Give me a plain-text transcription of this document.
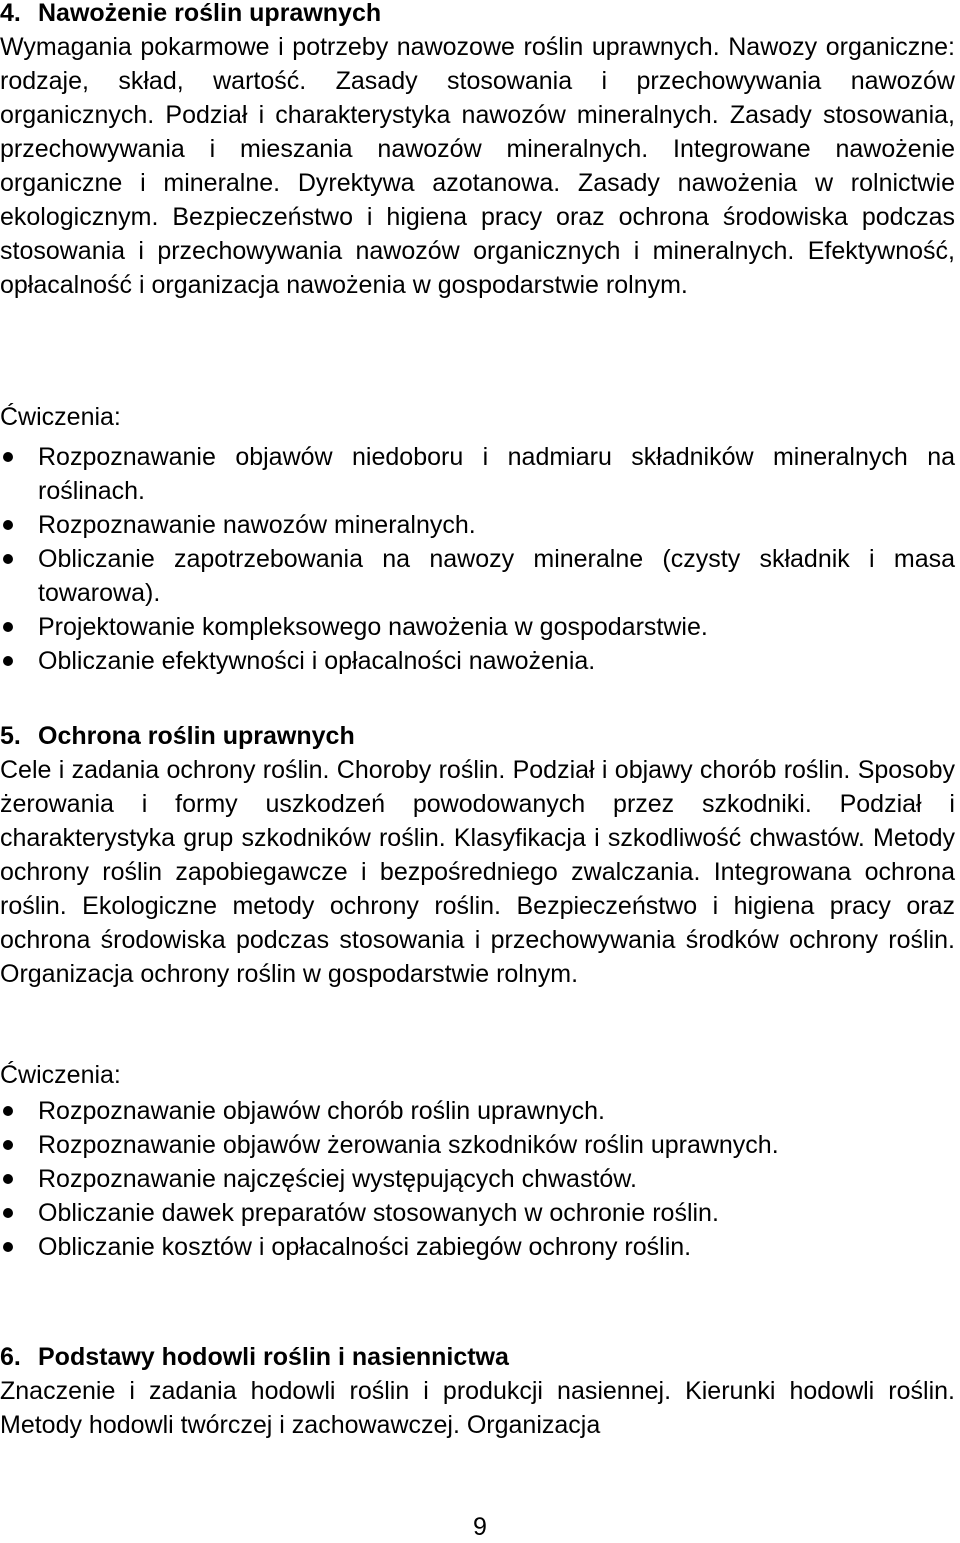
4. Nawożenie roślin uprawnych
Wymagania pokarmowe i potrzeby nawozowe roślin uprawnych. Nawozy organiczne: rodzaje, skład, wartość. Zasady stosowania i przechowywania nawozów organicznych. Podział i charakterystyka nawozów mineralnych. Zasady stosowania, przechowywania i mieszania nawozów mineralnych. Integrowane nawożenie organiczne i mineralne. Dyrektywa azotanowa. Zasady nawożenia w rolnictwie ekologicznym. Bezpieczeństwo i higiena pracy oraz ochrona środowiska podczas stosowania i przechowywania nawozów organicznych i mineralnych. Efektywność, opłacalność i organizacja nawożenia w gospodarstwie rolnym.
Ćwiczenia:
Rozpoznawanie objawów niedoboru i nadmiaru składników mineralnych na roślinach.
Rozpoznawanie nawozów mineralnych.
Obliczanie zapotrzebowania na nawozy mineralne (czysty składnik i masa towarowa).
Projektowanie kompleksowego nawożenia w gospodarstwie.
Obliczanie efektywności i opłacalności nawożenia.
5. Ochrona roślin uprawnych
Cele i zadania ochrony roślin. Choroby roślin. Podział i objawy chorób roślin. Sposoby żerowania i formy uszkodzeń powodowanych przez szkodniki. Podział i charakterystyka grup szkodników roślin. Klasyfikacja i szkodliwość chwastów. Metody ochrony roślin zapobiegawcze i bezpośredniego zwalczania. Integrowana ochrona roślin. Ekologiczne metody ochrony roślin. Bezpieczeństwo i higiena pracy oraz ochrona środowiska podczas stosowania i przechowywania środków ochrony roślin. Organizacja ochrony roślin w gospodarstwie rolnym.
Ćwiczenia:
Rozpoznawanie objawów chorób roślin uprawnych.
Rozpoznawanie objawów żerowania szkodników roślin uprawnych.
Rozpoznawanie najczęściej występujących chwastów.
Obliczanie dawek preparatów stosowanych w ochronie roślin.
Obliczanie kosztów i opłacalności zabiegów ochrony roślin.
6. Podstawy hodowli roślin i nasiennictwa
Znaczenie i zadania hodowli roślin i produkcji nasiennej. Kierunki hodowli roślin. Metody hodowli twórczej i zachowawczej. Organizacja
9
